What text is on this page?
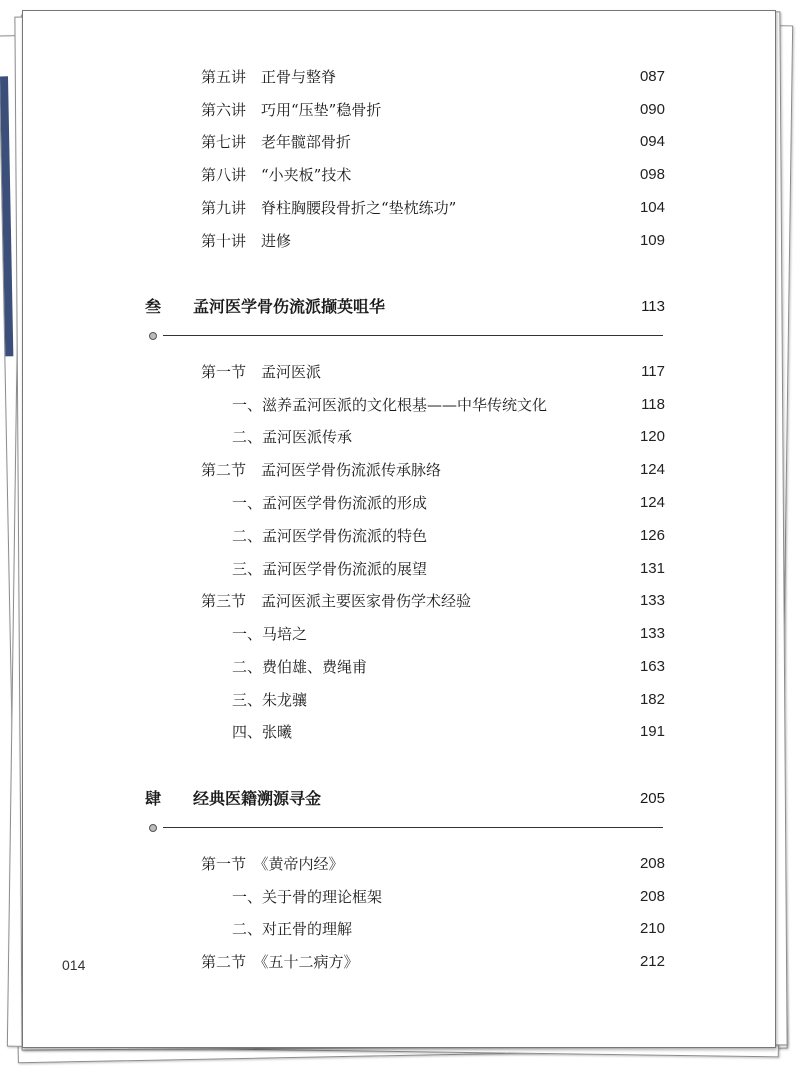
第五讲　正骨与整脊	087
第六讲　巧用“压垫”稳骨折	090
第七讲　老年髋部骨折	094
第八讲　“小夹板”技术	098
第九讲　脊柱胸腰段骨折之“垫枕练功”	104
第十讲　进修	109
叁 孟河医学骨伤流派撷英咀华	113
第一节　孟河医派	117
一、滋养孟河医派的文化根基——中华传统文化	118
二、孟河医派传承	120
第二节　孟河医学骨伤流派传承脉络	124
一、孟河医学骨伤流派的形成	124
二、孟河医学骨伤流派的特色	126
三、孟河医学骨伤流派的展望	131
第三节　孟河医派主要医家骨伤学术经验	133
一、马培之	133
二、费伯雄、费绳甫	163
三、朱龙骧	182
四、张曦	191
肆 经典医籍溯源寻金	205
第一节　《黄帝内经》	208
一、关于骨的理论框架	208
二、对正骨的理解	210
第二节　《五十二病方》	212
014
